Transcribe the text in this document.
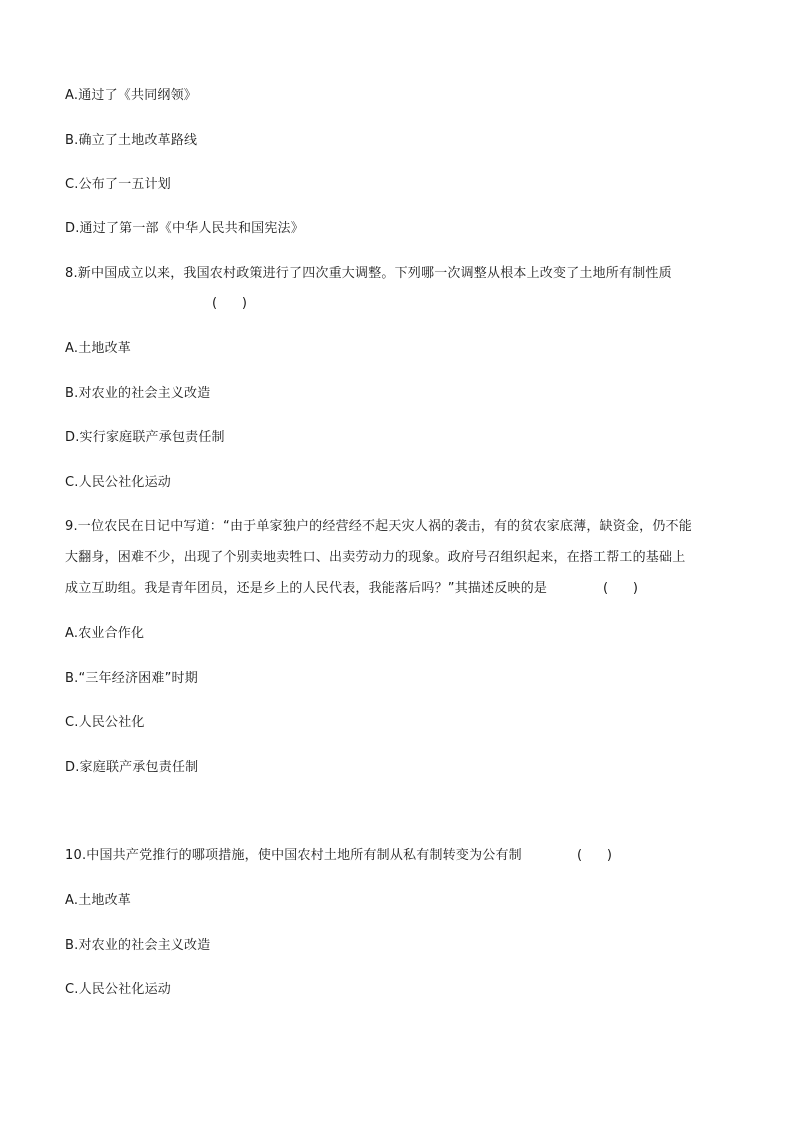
A.通过了《共同纲领》
B.确立了土地改革路线
C.公布了一五计划
D.通过了第一部《中华人民共和国宪法》
8.新中国成立以来，我国农村政策进行了四次重大调整。下列哪一次调整从根本上改变了土地所有制性质
(      )
A.土地改革
B.对农业的社会主义改造
D.实行家庭联产承包责任制
C.人民公社化运动
9.一位农民在日记中写道：“由于单家独户的经营经不起天灾人祸的袭击，有的贫农家底薄，缺资金，仍不能
大翻身，困难不少，出现了个别卖地卖牲口、出卖劳动力的现象。政府号召组织起来，在搭工帮工的基础上
成立互助组。我是青年团员，还是乡上的人民代表，我能落后吗？”其描述反映的是	(      )
A.农业合作化
B.“三年经济困难”时期
C.人民公社化
D.家庭联产承包责任制
10.中国共产党推行的哪项措施，使中国农村土地所有制从私有制转变为公有制	(      )
A.土地改革
B.对农业的社会主义改造
C.人民公社化运动
